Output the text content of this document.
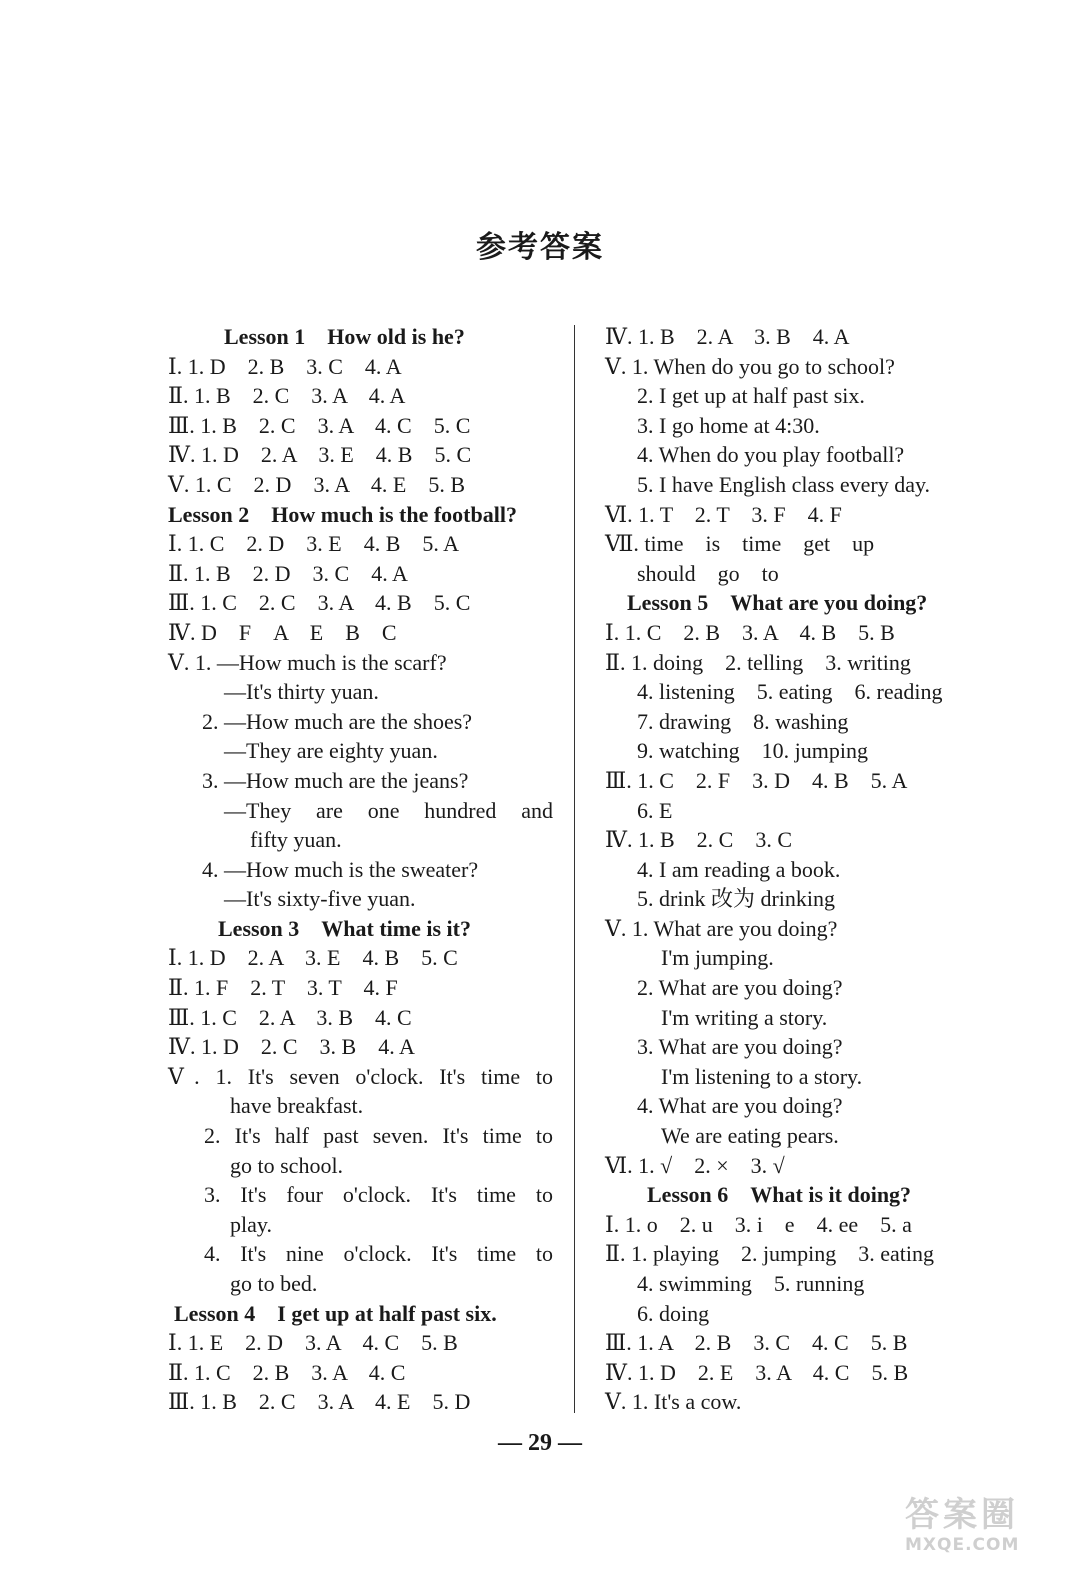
参考答案
Lesson 1　How old is he?
Ⅰ. 1. D　2. B　3. C　4. A
Ⅱ. 1. B　2. C　3. A　4. A
Ⅲ. 1. B　2. C　3. A　4. C　5. C
Ⅳ. 1. D　2. A　3. E　4. B　5. C
Ⅴ. 1. C　2. D　3. A　4. E　5. B
Lesson 2　How much is the football?
Ⅰ. 1. C　2. D　3. E　4. B　5. A
Ⅱ. 1. B　2. D　3. C　4. A
Ⅲ. 1. C　2. C　3. A　4. B　5. C
Ⅳ. D　F　A　E　B　C
Ⅴ. 1. —How much is the scarf?
—It's thirty yuan.
2. —How much are the shoes?
—They are eighty yuan.
3. —How much are the jeans?
—They are one hundred and
fifty yuan.
4. —How much is the sweater?
—It's sixty-five yuan.
Lesson 3　What time is it?
Ⅰ. 1. D　2. A　3. E　4. B　5. C
Ⅱ. 1. F　2. T　3. T　4. F
Ⅲ. 1. C　2. A　3. B　4. C
Ⅳ. 1. D　2. C　3. B　4. A
Ⅴ. 1. It's seven o'clock. It's time to
have breakfast.
2. It's half past seven. It's time to
go to school.
3. It's four o'clock. It's time to
play.
4. It's nine o'clock. It's time to
go to bed.
Lesson 4　I get up at half past six.
Ⅰ. 1. E　2. D　3. A　4. C　5. B
Ⅱ. 1. C　2. B　3. A　4. C
Ⅲ. 1. B　2. C　3. A　4. E　5. D
Ⅳ. 1. B　2. A　3. B　4. A
Ⅴ. 1. When do you go to school?
2. I get up at half past six.
3. I go home at 4:30.
4. When do you play football?
5. I have English class every day.
Ⅵ. 1. T　2. T　3. F　4. F
Ⅶ. time　is　time　get　up
should　go　to
Lesson 5　What are you doing?
Ⅰ. 1. C　2. B　3. A　4. B　5. B
Ⅱ. 1. doing　2. telling　3. writing
4. listening　5. eating　6. reading
7. drawing　8. washing
9. watching　10. jumping
Ⅲ. 1. C　2. F　3. D　4. B　5. A
6. E
Ⅳ. 1. B　2. C　3. C
4. I am reading a book.
5. drink 改为 drinking
Ⅴ. 1. What are you doing?
I'm jumping.
2. What are you doing?
I'm writing a story.
3. What are you doing?
I'm listening to a story.
4. What are you doing?
We are eating pears.
Ⅵ. 1. √　2. ×　3. √
Lesson 6　What is it doing?
Ⅰ. 1. o　2. u　3. i　e　4. ee　5. a
Ⅱ. 1. playing　2. jumping　3. eating
4. swimming　5. running
6. doing
Ⅲ. 1. A　2. B　3. C　4. C　5. B
Ⅳ. 1. D　2. E　3. A　4. C　5. B
Ⅴ. 1. It's a cow.
— 29 —
答案圈
MXQE.COM
